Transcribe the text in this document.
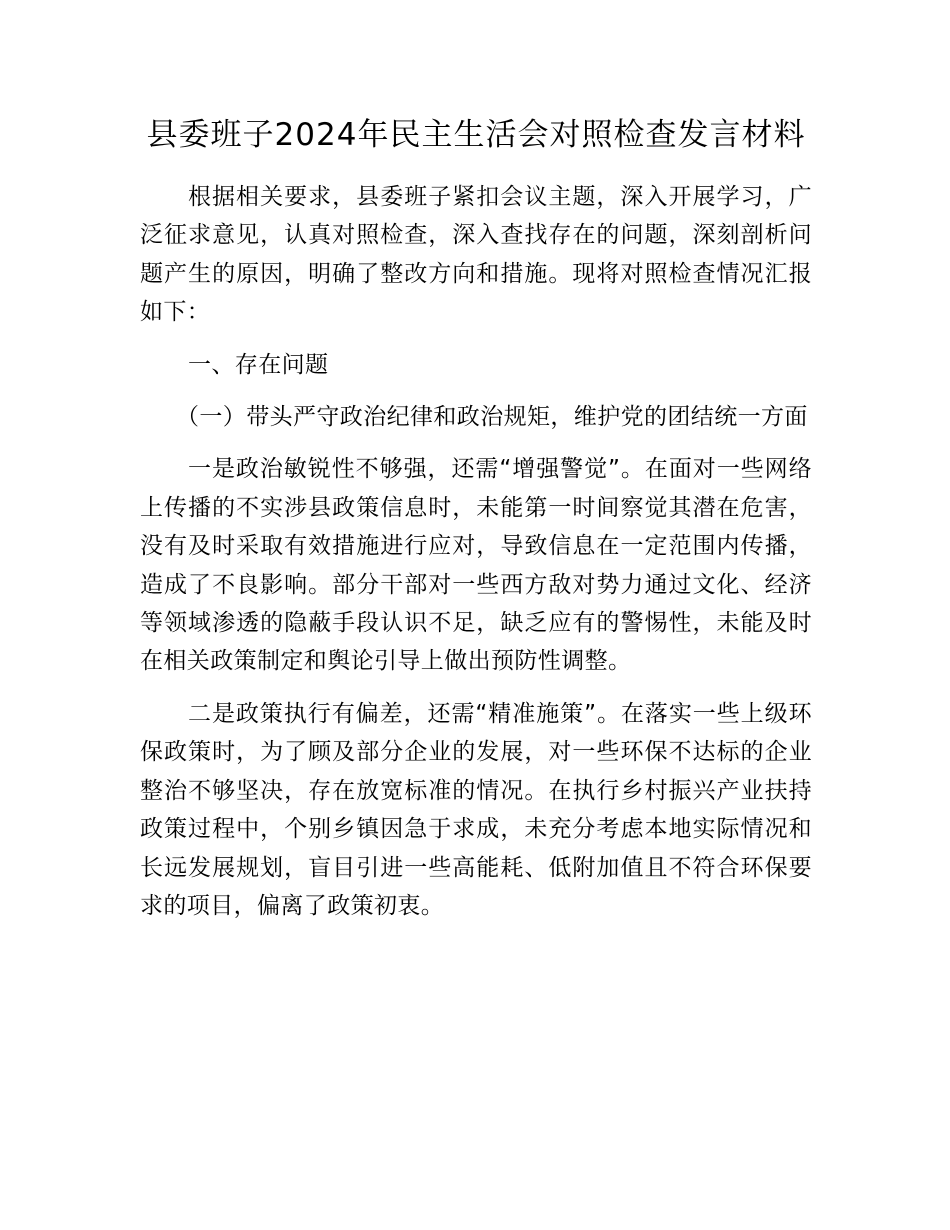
县委班子2024年民主生活会对照检查发言材料

根据相关要求，县委班子紧扣会议主题，深入开展学习，广泛征求意见，认真对照检查，深入查找存在的问题，深刻剖析问题产生的原因，明确了整改方向和措施。现将对照检查情况汇报如下：

一、存在问题

（一）带头严守政治纪律和政治规矩，维护党的团结统一方面

一是政治敏锐性不够强，还需“增强警觉”。在面对一些网络上传播的不实涉县政策信息时，未能第一时间察觉其潜在危害，没有及时采取有效措施进行应对，导致信息在一定范围内传播，造成了不良影响。部分干部对一些西方敌对势力通过文化、经济等领域渗透的隐蔽手段认识不足，缺乏应有的警惕性，未能及时在相关政策制定和舆论引导上做出预防性调整。

二是政策执行有偏差，还需“精准施策”。在落实一些上级环保政策时，为了顾及部分企业的发展，对一些环保不达标的企业整治不够坚决，存在放宽标准的情况。在执行乡村振兴产业扶持政策过程中，个别乡镇因急于求成，未充分考虑本地实际情况和长远发展规划，盲目引进一些高能耗、低附加值且不符合环保要求的项目，偏离了政策初衷。
